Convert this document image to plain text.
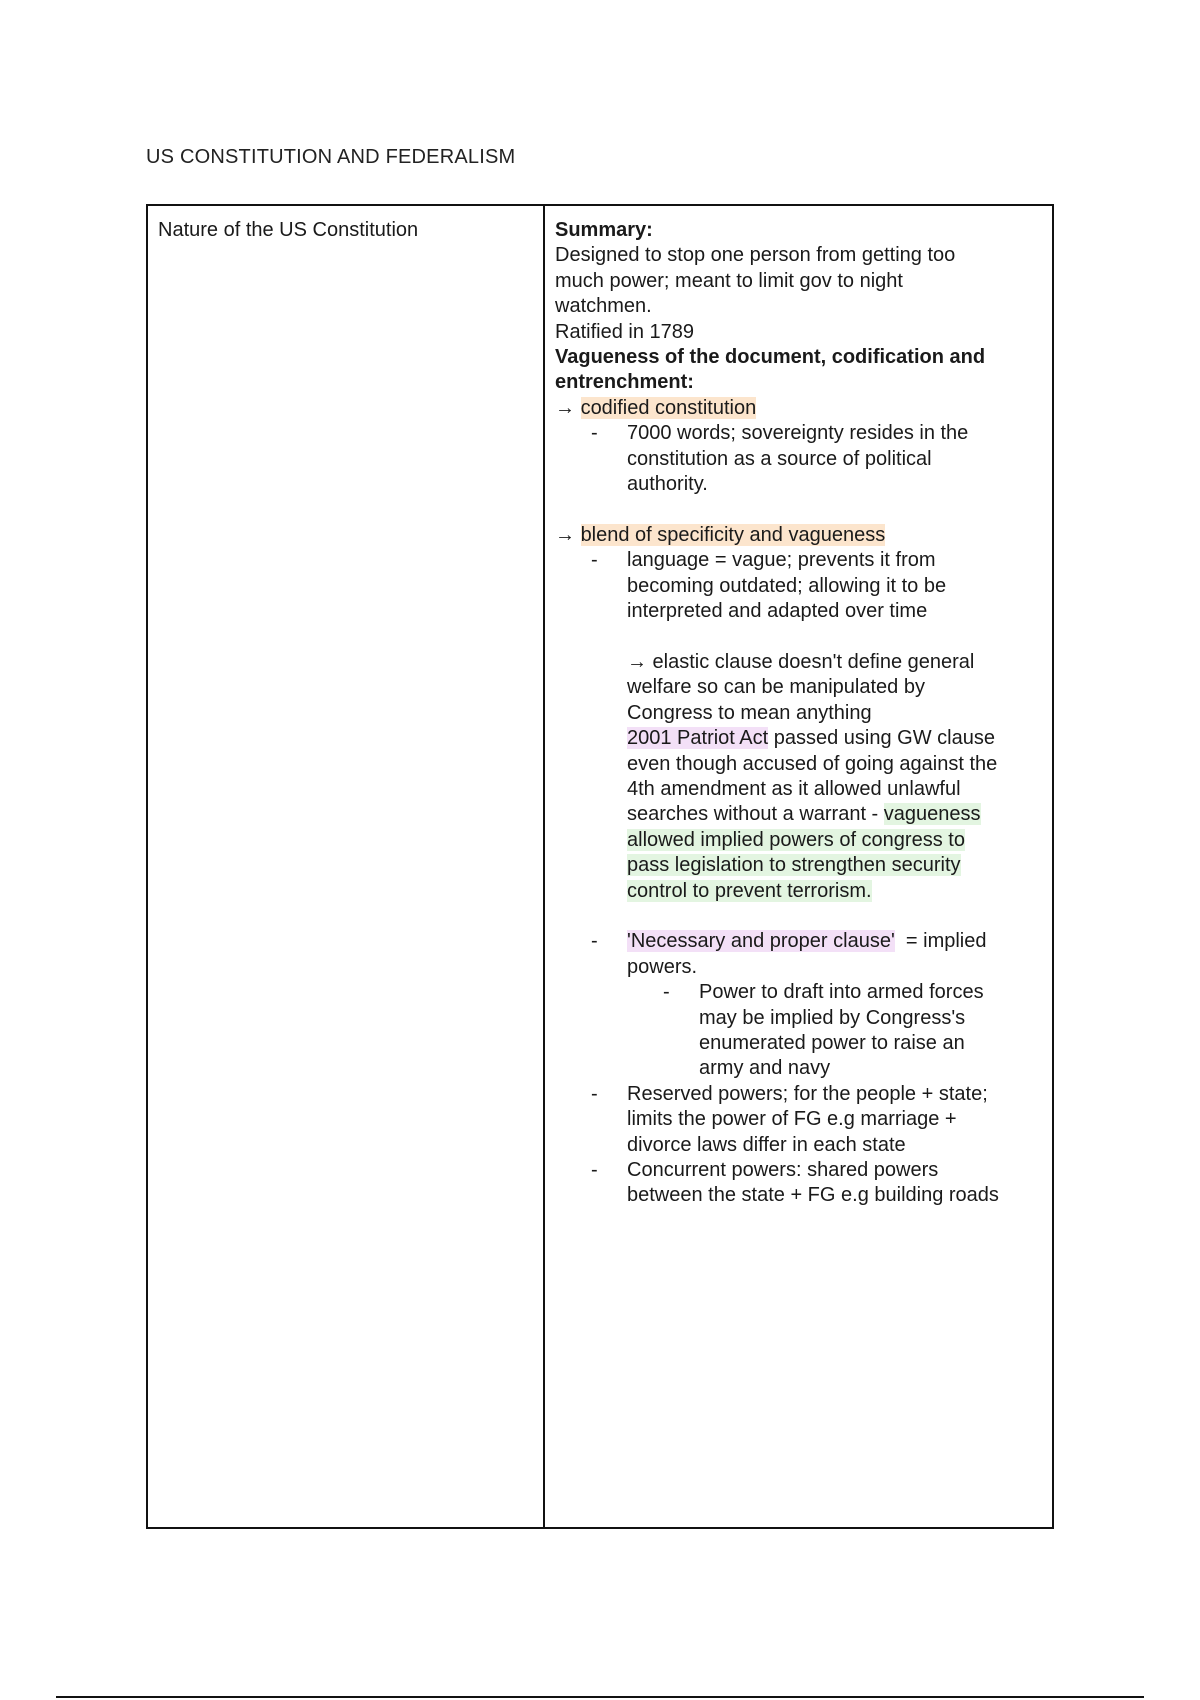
US CONSTITUTION AND FEDERALISM
Nature of the US Constitution	Summary:
Designed to stop one person from getting too
much power; meant to limit gov to night
watchmen.
Ratified in 1789
Vagueness of the document, codification and
entrenchment:
→ codified constitution
-	7000 words; sovereignty resides in the
constitution as a source of political
authority.
→ blend of specificity and vagueness
-	language = vague; prevents it from
becoming outdated; allowing it to be
interpreted and adapted over time
→ elastic clause doesn't define general
welfare so can be manipulated by
Congress to mean anything
2001 Patriot Act passed using GW clause
even though accused of going against the
4th amendment as it allowed unlawful
searches without a warrant - vagueness
allowed implied powers of congress to
pass legislation to strengthen security
control to prevent terrorism.
-	'Necessary and proper clause'  = implied
powers.
-	Power to draft into armed forces
may be implied by Congress's
enumerated power to raise an
army and navy
-	Reserved powers; for the people + state;
limits the power of FG e.g marriage +
divorce laws differ in each state
-	Concurrent powers: shared powers
between the state + FG e.g building roads
